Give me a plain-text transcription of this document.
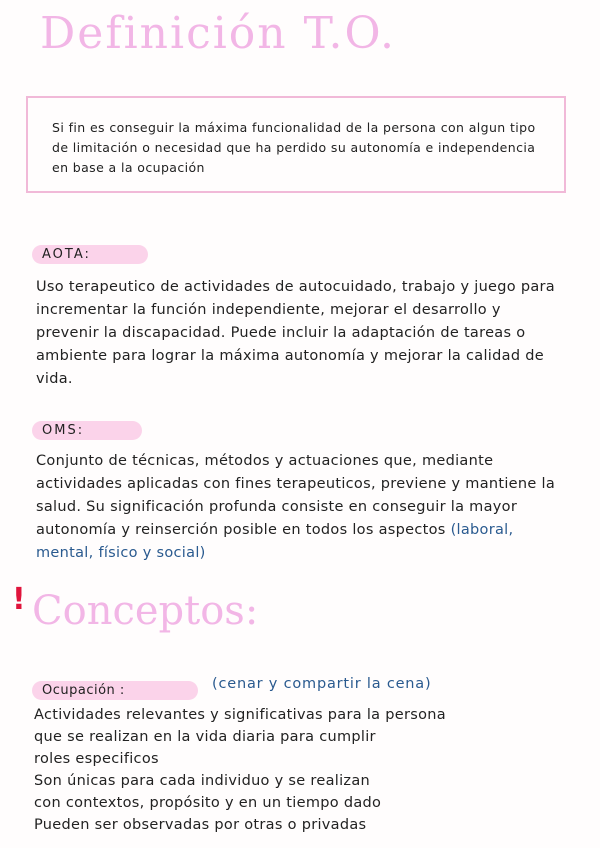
Definición T.O.
Si fin es conseguir la máxima funcionalidad de la persona con algun tipo de limitación o necesidad que ha perdido su autonomía e independencia en base a la ocupación
AOTA:
Uso terapeutico de actividades de autocuidado, trabajo y juego para incrementar la función independiente, mejorar el desarrollo y prevenir la discapacidad. Puede incluir la adaptación de tareas o ambiente para lograr la máxima autonomía y mejorar la calidad de vida.
OMS:
Conjunto de técnicas, métodos y actuaciones que, mediante actividades aplicadas con fines terapeuticos, previene y mantiene la salud. Su significación profunda consiste en conseguir la mayor autonomía y reinserción posible en todos los aspectos (laboral, mental, físico y social)
! Conceptos:
Ocupación :	(cenar y compartir la cena)
Actividades relevantes y significativas para la persona
que se realizan en la vida diaria para cumplir
roles especificos
Son únicas para cada individuo y se realizan
con contextos, propósito y en un tiempo dado
Pueden ser observadas por otras o privadas
